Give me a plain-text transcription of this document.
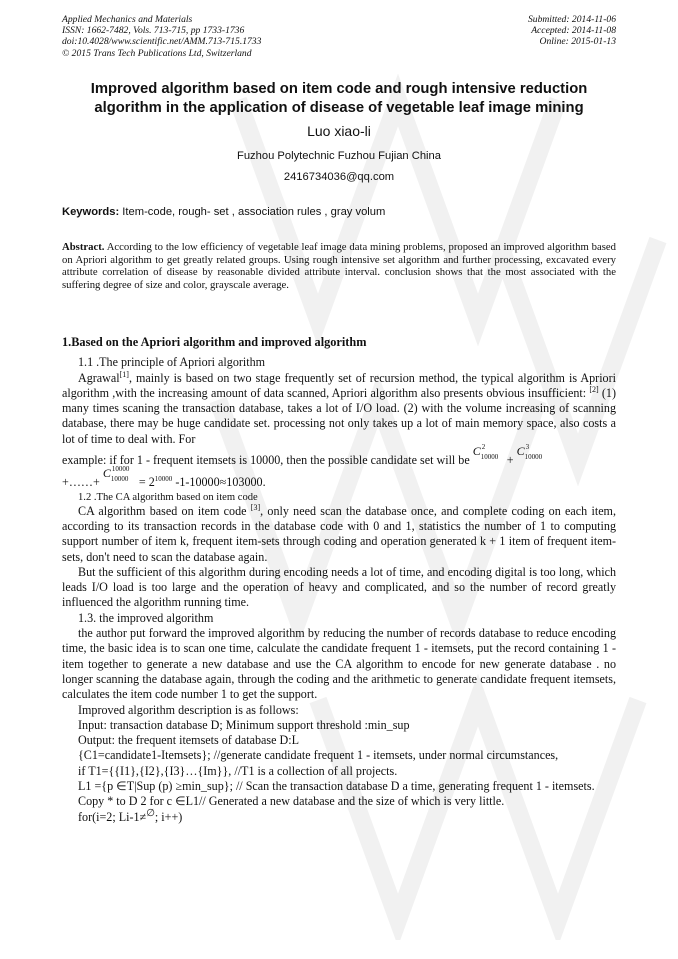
Applied Mechanics and Materials
ISSN: 1662-7482, Vols. 713-715, pp 1733-1736
doi:10.4028/www.scientific.net/AMM.713-715.1733
© 2015 Trans Tech Publications Ltd, Switzerland
Submitted: 2014-11-06
Accepted: 2014-11-08
Online: 2015-01-13
Improved algorithm based on item code and rough intensive reduction
algorithm in the application of disease of vegetable leaf image mining
Luo xiao-li
Fuzhou Polytechnic Fuzhou Fujian China
2416734036@qq.com
Keywords: Item-code, rough- set , association rules , gray volum
Abstract. According to the low efficiency of vegetable leaf image data mining problems, proposed an improved algorithm based on Apriori algorithm to get greatly related groups. Using rough intensive set algorithm and further processing, excavated every attribute correlation of disease by reasonable divided attribute interval. conclusion shows that the most associated with the suffering degree of size and color, grayscale average.
1.Based on the Apriori algorithm and improved algorithm

1.1 .The principle of Apriori algorithm

Agrawal[1], mainly is based on two stage frequently set of recursion method, the typical algorithm is Apriori algorithm ,with the increasing amount of data scanned, Apriori algorithm also presents obvious insufficient: [2] (1) many times scaning the transaction database, takes a lot of I/O load. (2) with the volume increasing of scanning database, there may be huge candidate set. processing not only takes up a lot of main memory space, also costs a lot of time to deal with. For

example: if for 1 - frequent itemsets is 10000, then the possible candidate set will be
C 2
10000 +
C 3
10000

+……+
C 10000
$10000 = 2^{10000}$ -1-10000≈103000.

1.2 .The CA algorithm based on item code

CA algorithm based on item code [3], only need scan the database once, and complete coding on each item, according to its transaction records in the database code with 0 and 1, statistics the number of 1 to computing support number of item k, frequent item-sets through coding and operation generated k + 1 item of frequent item-sets, don't need to scan the database again.

But the sufficient of this algorithm during encoding needs a lot of time, and encoding digital is too long, which leads I/O load is too large and the operation of heavy and complicated, and so the number of record greatly influenced the algorithm running time.

1.3. the improved algorithm

the author put forward the improved algorithm by reducing the number of records database to reduce encoding time, the basic idea is to scan one time, calculate the candidate frequent 1 - itemsets, put the record containing 1 - item together to generate a new database and use the CA algorithm to encode for new generate database . no longer scanning the database again, through the coding and the arithmetic to generate candidate frequent itemsets, calculates the item code number 1 to get the support.

Improved algorithm description is as follows:

Input: transaction database D; Minimum support threshold :min_sup

Output: the frequent itemsets of database D:L

{C1=candidate1-Itemsets}; //generate candidate frequent 1 - itemsets, under normal circumstances,

if T1={{I1},{I2},{I3}…{Im}}, //T1 is a collection of all projects.

L1 ={p ∈T|Sup (p) ≥min_sup}; // Scan the transaction database D a time, generating frequent 1 - itemsets.

Copy * to D 2 for c ∈L1// Generated a new database and the size of which is very little.

for(i=2; Li-1≠∅; i++)
